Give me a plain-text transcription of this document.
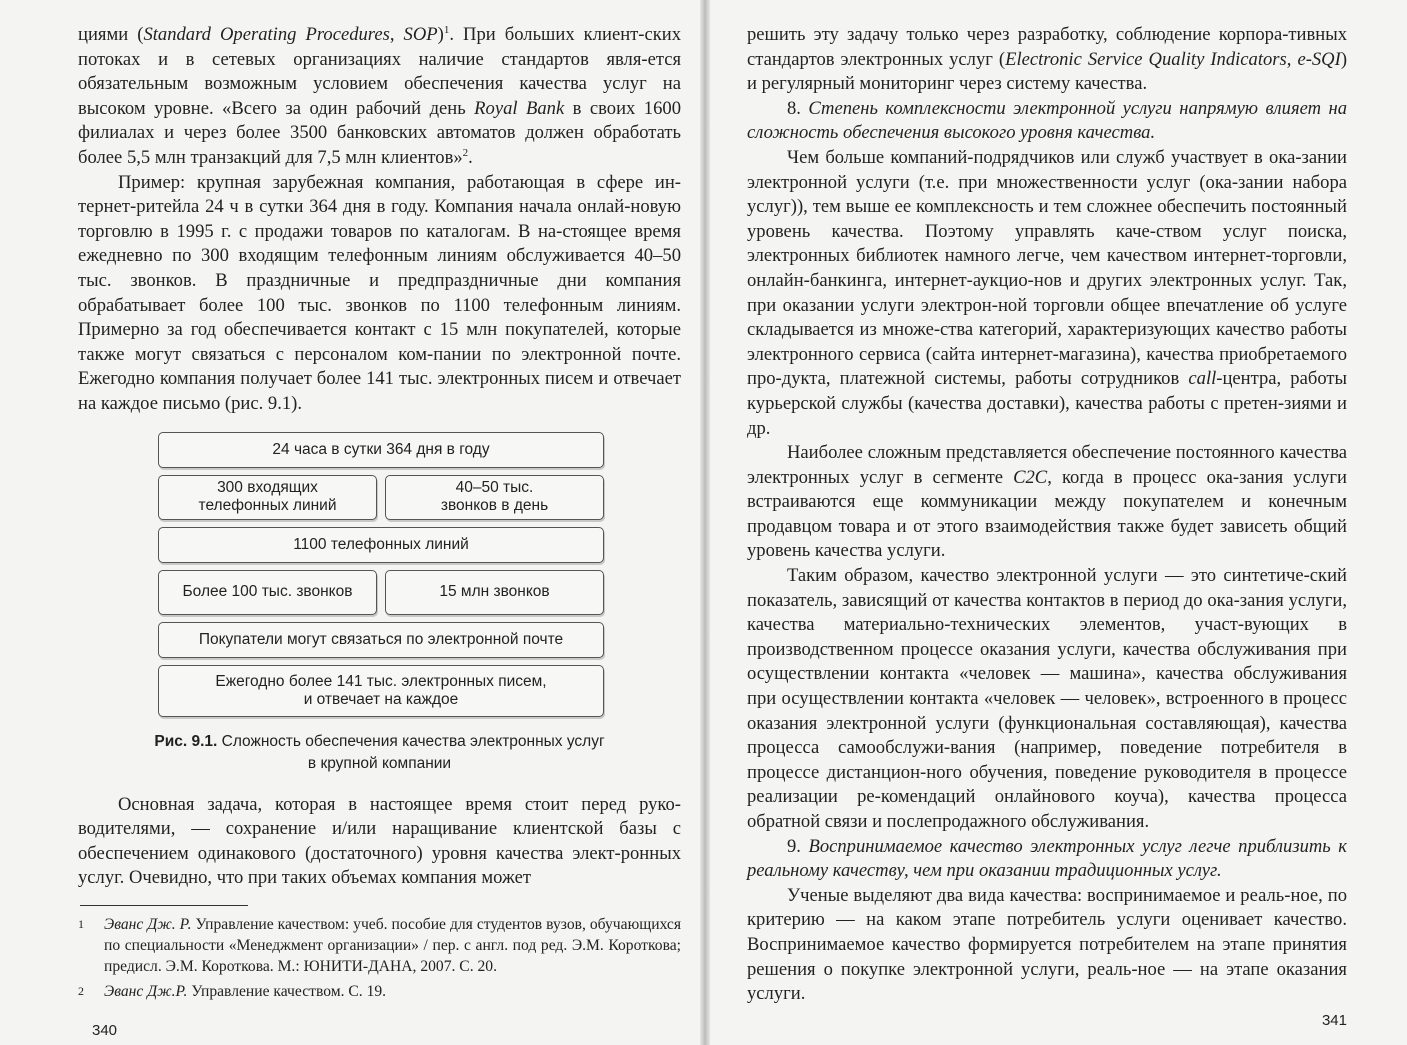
циями (Standard Operating Procedures, SOP)$^1$. При больших клиент-ских потоках и в сетевых организациях наличие стандартов явля-ется обязательным возможным условием обеспечения качества услуг на высоком уровне. «Всего за один рабочий день Royal Bank в своих 1600 филиалах и через более 3500 банковских автоматов должен обработать более 5,5 млн транзакций для 7,5 млн клиентов»$^2$.

Пример: крупная зарубежная компания, работающая в сфере ин-тернет-ритейла 24 ч в сутки 364 дня в году. Компания начала онлай-новую торговлю в 1995 г. с продажи товаров по каталогам. В на-стоящее время ежедневно по 300 входящим телефонным линиям обслуживается 40–50 тыс. звонков. В праздничные и предпраздничные дни компания обрабатывает более 100 тыс. звонков по 1100 телефонным линиям. Примерно за год обеспечивается контакт с 15 млн покупателей, которые также могут связаться с персоналом ком-пании по электронной почте. Ежегодно компания получает более 141 тыс. электронных писем и отвечает на каждое письмо (рис. 9.1).

24 часа в сутки 364 дня в году
300 входящих
телефонных линий
40–50 тыс.
звонков в день
1100 телефонных линий
Более 100 тыс. звонков	15 млн звонков
Покупатели могут связаться по электронной почте
Ежегодно более 141 тыс. электронных писем,
и отвечает на каждое
Рис. 9.1. Сложность обеспечения качества электронных услуг
в крупной компании

Основная задача, которая в настоящее время стоит перед руко-водителями, — сохранение и/или наращивание клиентской базы с обеспечением одинакового (достаточного) уровня качества элект-ронных услуг. Очевидно, что при таких объемах компания может

1	Эванс Дж. Р. Управление качеством: учеб. пособие для студентов вузов, обучающихся по специальности «Менеджмент организации» / пер. с англ. под ред. Э.М. Короткова; предисл. Э.М. Короткова. М.: ЮНИТИ-ДАНА, 2007. С. 20.
2	Эванс Дж.Р. Управление качеством. С. 19.
340

решить эту задачу только через разработку, соблюдение корпора-тивных стандартов электронных услуг (Electronic Service Quality Indicators, e-SQI) и регулярный мониторинг через систему качества.

8. Степень комплексности электронной услуги напрямую влияет на сложность обеспечения высокого уровня качества.

Чем больше компаний-подрядчиков или служб участвует в ока-зании электронной услуги (т.е. при множественности услуг (ока-зании набора услуг)), тем выше ее комплексность и тем сложнее обеспечить постоянный уровень качества. Поэтому управлять каче-ством услуг поиска, электронных библиотек намного легче, чем качеством интернет-торговли, онлайн-банкинга, интернет-аукцио-нов и других электронных услуг. Так, при оказании услуги электрон-ной торговли общее впечатление об услуге складывается из множе-ства категорий, характеризующих качество работы электронного сервиса (сайта интернет-магазина), качества приобретаемого про-дукта, платежной системы, работы сотрудников call-центра, работы курьерской службы (качества доставки), качества работы с претен-зиями и др.

Наиболее сложным представляется обеспечение постоянного качества электронных услуг в сегменте C2C, когда в процесс ока-зания услуги встраиваются еще коммуникации между покупателем и конечным продавцом товара и от этого взаимодействия также будет зависеть общий уровень качества услуги.

Таким образом, качество электронной услуги — это синтетиче-ский показатель, зависящий от качества контактов в период до ока-зания услуги, качества материально-технических элементов, участ-вующих в производственном процессе оказания услуги, качества обслуживания при осуществлении контакта «человек — машина», качества обслуживания при осуществлении контакта «человек — человек», встроенного в процесс оказания электронной услуги (функциональная составляющая), качества процесса самообслужи-вания (например, поведение потребителя в процессе дистанцион-ного обучения, поведение руководителя в процессе реализации ре-комендаций онлайнового коуча), качества процесса обратной связи и послепродажного обслуживания.

9. Воспринимаемое качество электронных услуг легче приблизить к реальному качеству, чем при оказании традиционных услуг.

Ученые выделяют два вида качества: воспринимаемое и реаль-ное, по критерию — на каком этапе потребитель услуги оценивает качество. Воспринимаемое качество формируется потребителем на этапе принятия решения о покупке электронной услуги, реаль-ное — на этапе оказания услуги.

341
